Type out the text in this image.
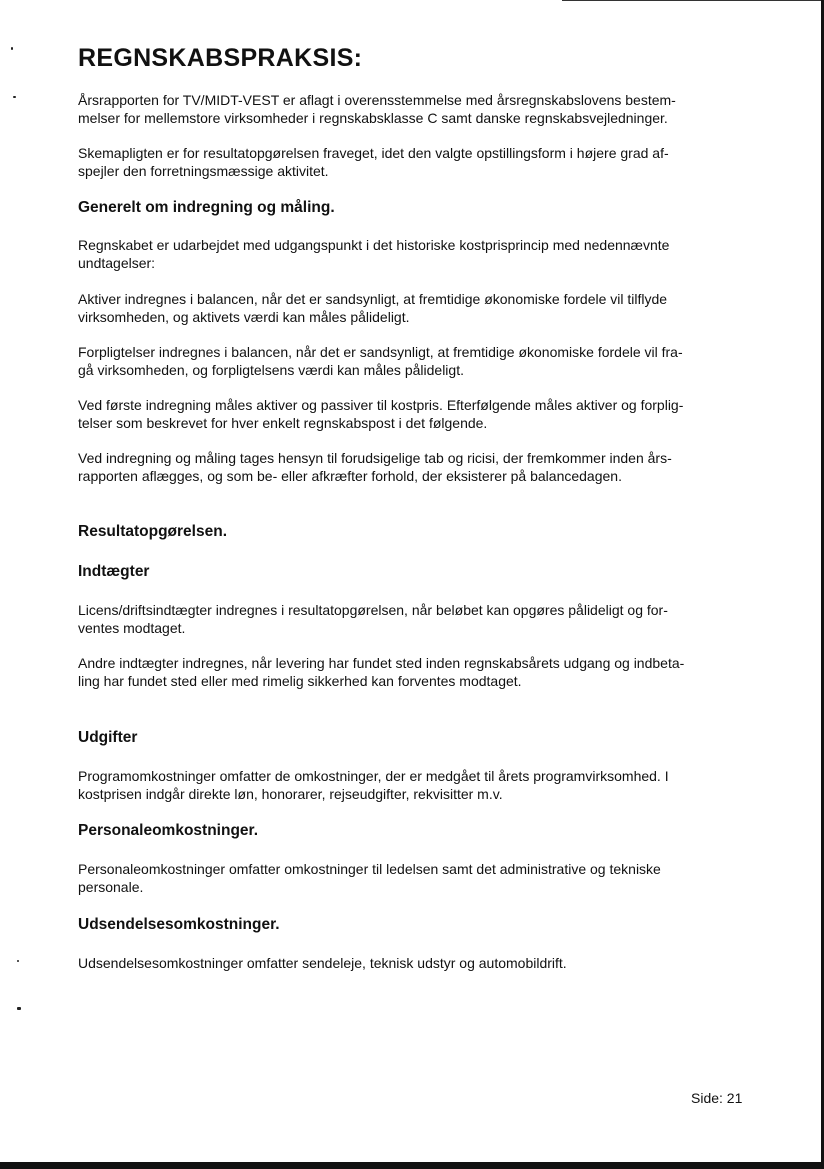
REGNSKABSPRAKSIS:

Årsrapporten for TV/MIDT-VEST er aflagt i overensstemmelse med årsregnskabslovens bestem-
melser for mellemstore virksomheder i regnskabsklasse C samt danske regnskabsvejledninger.

Skemapligten er for resultatopgørelsen fraveget, idet den valgte opstillingsform i højere grad af-
spejler den forretningsmæssige aktivitet.

Generelt om indregning og måling.

Regnskabet er udarbejdet med udgangspunkt i det historiske kostprisprincip med nedennævnte
undtagelser:

Aktiver indregnes i balancen, når det er sandsynligt, at fremtidige økonomiske fordele vil tilflyde
virksomheden, og aktivets værdi kan måles pålideligt.

Forpligtelser indregnes i balancen, når det er sandsynligt, at fremtidige økonomiske fordele vil fra-
gå virksomheden, og forpligtelsens værdi kan måles pålideligt.

Ved første indregning måles aktiver og passiver til kostpris. Efterfølgende måles aktiver og forplig-
telser som beskrevet for hver enkelt regnskabspost i det følgende.

Ved indregning og måling tages hensyn til forudsigelige tab og ricisi, der fremkommer inden års-
rapporten aflægges, og som be- eller afkræfter forhold, der eksisterer på balancedagen.

Resultatopgørelsen.
Indtægter

Licens/driftsindtægter indregnes i resultatopgørelsen, når beløbet kan opgøres pålideligt og for-
ventes modtaget.

Andre indtægter indregnes, når levering har fundet sted inden regnskabsårets udgang og indbeta-
ling har fundet sted eller med rimelig sikkerhed kan forventes modtaget.

Udgifter

Programomkostninger omfatter de omkostninger, der er medgået til årets programvirksomhed. I
kostprisen indgår direkte løn, honorarer, rejseudgifter, rekvisitter m.v.

Personaleomkostninger.

Personaleomkostninger omfatter omkostninger til ledelsen samt det administrative og tekniske
personale.

Udsendelsesomkostninger.

Udsendelsesomkostninger omfatter sendeleje, teknisk udstyr og automobildrift.

Side: 21
